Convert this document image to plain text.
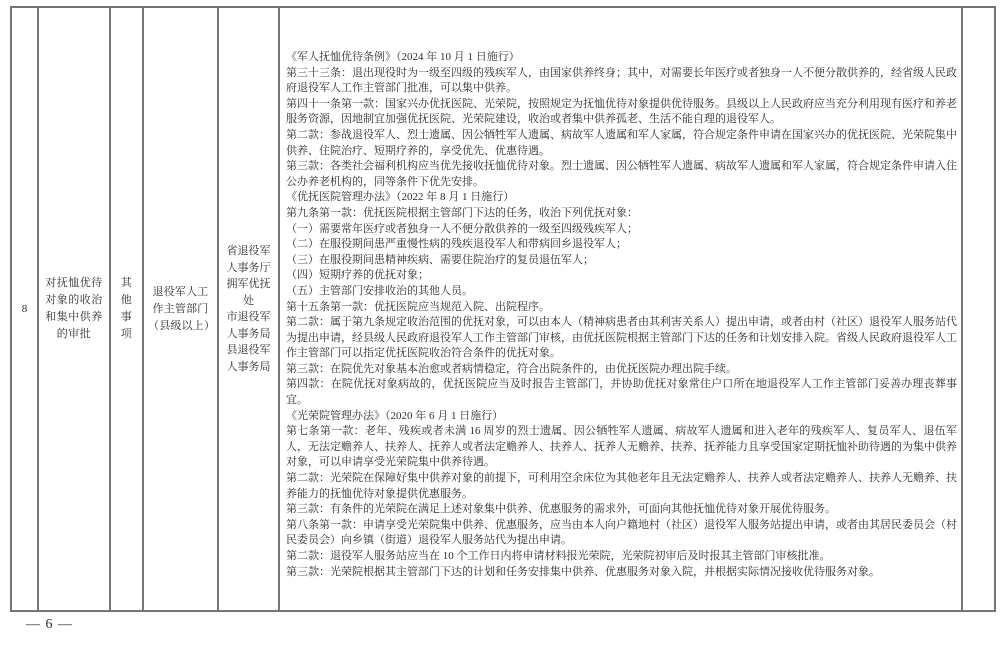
8
对抚恤优待对象的收治和集中供养的审批
其他事项
退役军人工作主管部门（县级以上）
省退役军人事务厅
拥军优抚处
市退役军人事务局
县退役军人事务局
《军人抚恤优待条例》（2024 年 10 月 1 日施行）
第三十三条：退出现役时为一级至四级的残疾军人，由国家供养终身；其中，对需要长年医疗或者独身一人不便分散供养的，经省级人民政府退役军人工作主管部门批准，可以集中供养。
第四十一条第一款：国家兴办优抚医院、光荣院，按照规定为抚恤优待对象提供优待服务。县级以上人民政府应当充分利用现有医疗和养老服务资源，因地制宜加强优抚医院、光荣院建设，收治或者集中供养孤老、生活不能自理的退役军人。
第二款：参战退役军人、烈士遗属、因公牺牲军人遗属、病故军人遗属和军人家属，符合规定条件申请在国家兴办的优抚医院、光荣院集中供养、住院治疗、短期疗养的，享受优先、优惠待遇。
第三款：各类社会福利机构应当优先接收抚恤优待对象。烈士遗属、因公牺牲军人遗属、病故军人遗属和军人家属，符合规定条件申请入住公办养老机构的，同等条件下优先安排。
《优抚医院管理办法》（2022 年 8 月 1 日施行）
第九条第一款：优抚医院根据主管部门下达的任务，收治下列优抚对象：
（一）需要常年医疗或者独身一人不便分散供养的一级至四级残疾军人；
（二）在服役期间患严重慢性病的残疾退役军人和带病回乡退役军人；
（三）在服役期间患精神疾病、需要住院治疗的复员退伍军人；
（四）短期疗养的优抚对象；
（五）主管部门安排收治的其他人员。
第十五条第一款：优抚医院应当规范入院、出院程序。
第二款：属于第九条规定收治范围的优抚对象，可以由本人（精神病患者由其利害关系人）提出申请，或者由村（社区）退役军人服务站代为提出申请，经县级人民政府退役军人工作主管部门审核，由优抚医院根据主管部门下达的任务和计划安排入院。省级人民政府退役军人工作主管部门可以指定优抚医院收治符合条件的优抚对象。
第三款：在院优先对象基本治愈或者病情稳定，符合出院条件的，由优抚医院办理出院手续。
第四款：在院优抚对象病故的，优抚医院应当及时报告主管部门，并协助优抚对象常住户口所在地退役军人工作主管部门妥善办理丧葬事宜。
《光荣院管理办法》（2020 年 6 月 1 日施行）
第七条第一款：老年、残疾或者未满 16 周岁的烈士遗属、因公牺牲军人遗属、病故军人遗属和进入老年的残疾军人、复员军人、退伍军人，无法定赡养人、扶养人、抚养人或者法定赡养人、扶养人、抚养人无赡养、扶养、抚养能力且享受国家定期抚恤补助待遇的为集中供养对象，可以申请享受光荣院集中供养待遇。
第二款：光荣院在保障好集中供养对象的前提下，可利用空余床位为其他老年且无法定赡养人、扶养人或者法定赡养人、扶养人无赡养、扶养能力的抚恤优待对象提供优惠服务。
第三款：有条件的光荣院在满足上述对象集中供养、优惠服务的需求外，可面向其他抚恤优待对象开展优待服务。
第八条第一款：申请享受光荣院集中供养、优惠服务，应当由本人向户籍地村（社区）退役军人服务站提出申请，或者由其居民委员会（村民委员会）向乡镇（街道）退役军人服务站代为提出申请。
第二款：退役军人服务站应当在 10 个工作日内将申请材料报光荣院，光荣院初审后及时报其主管部门审核批准。
第三款：光荣院根据其主管部门下达的计划和任务安排集中供养、优惠服务对象入院，并根据实际情况接收优待服务对象。
— 6 —
